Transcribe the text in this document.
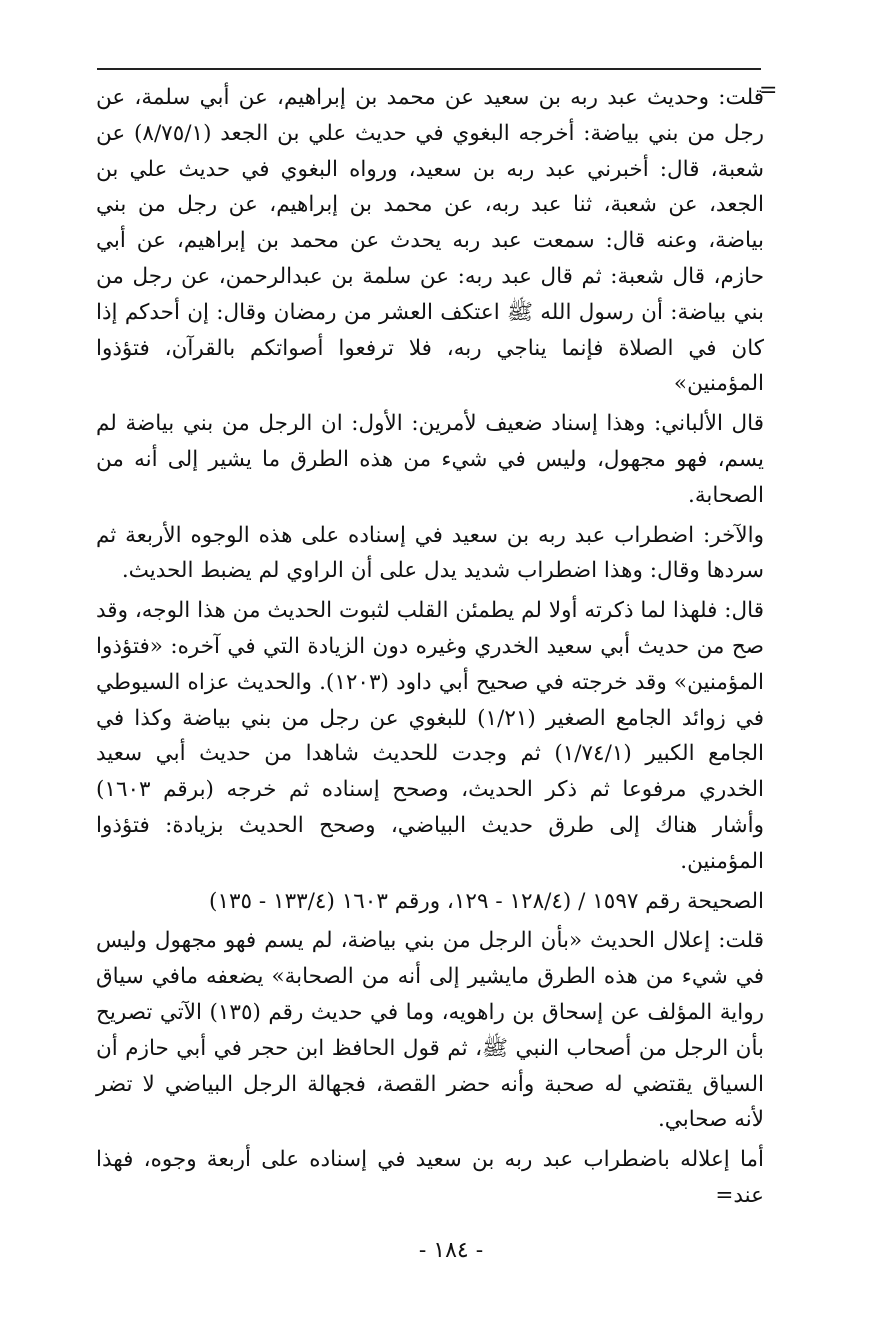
=

قلت: وحديث عبد ربه بن سعيد عن محمد بن إبراهيم، عن أبي سلمة، عن رجل من بني بياضة: أخرجه البغوي في حديث علي بن الجعد (٨/٧٥/١) عن شعبة، قال: أخبرني عبد ربه بن سعيد، ورواه البغوي في حديث علي بن الجعد، عن شعبة، ثنا عبد ربه، عن محمد بن إبراهيم، عن رجل من بني بياضة، وعنه قال: سمعت عبد ربه يحدث عن محمد بن إبراهيم، عن أبي حازم، قال شعبة: ثم قال عبد ربه: عن سلمة بن عبدالرحمن، عن رجل من بني بياضة: أن رسول الله ﷺ اعتكف العشر من رمضان وقال: إن أحدكم إذا كان في الصلاة فإنما يناجي ربه، فلا ترفعوا أصواتكم بالقرآن، فتؤذوا المؤمنين»

قال الألباني: وهذا إسناد ضعيف لأمرين: الأول: ان الرجل من بني بياضة لم يسم، فهو مجهول، وليس في شيء من هذه الطرق ما يشير إلى أنه من الصحابة.

والآخر: اضطراب عبد ربه بن سعيد في إسناده على هذه الوجوه الأربعة ثم سردها وقال: وهذا اضطراب شديد يدل على أن الراوي لم يضبط الحديث.

قال: فلهذا لما ذكرته أولا لم يطمئن القلب لثبوت الحديث من هذا الوجه، وقد صح من حديث أبي سعيد الخدري وغيره دون الزيادة التي في آخره: «فتؤذوا المؤمنين» وقد خرجته في صحيح أبي داود (١٢٠٣). والحديث عزاه السيوطي في زوائد الجامع الصغير (١/٢١) للبغوي عن رجل من بني بياضة وكذا في الجامع الكبير (١/٧٤/١) ثم وجدت للحديث شاهدا من حديث أبي سعيد الخدري مرفوعا ثم ذكر الحديث، وصحح إسناده ثم خرجه (برقم ١٦٠٣) وأشار هناك إلى طرق حديث البياضي، وصحح الحديث بزيادة: فتؤذوا المؤمنين.

الصحيحة رقم ١٥٩٧ / (١٢٨/٤ - ١٢٩، ورقم ١٦٠٣ (١٣٣/٤ - ١٣٥)

قلت: إعلال الحديث «بأن الرجل من بني بياضة، لم يسم فهو مجهول وليس في شيء من هذه الطرق مايشير إلى أنه من الصحابة» يضعفه مافي سياق رواية المؤلف عن إسحاق بن راهويه، وما في حديث رقم (١٣٥) الآتي تصريح بأن الرجل من أصحاب النبي ﷺ، ثم قول الحافظ ابن حجر في أبي حازم أن السياق يقتضي له صحبة وأنه حضر القصة، فجهالة الرجل البياضي لا تضر لأنه صحابي.

أما إعلاله باضطراب عبد ربه بن سعيد في إسناده على أربعة وجوه، فهذا عند=

- ١٨٤ -
